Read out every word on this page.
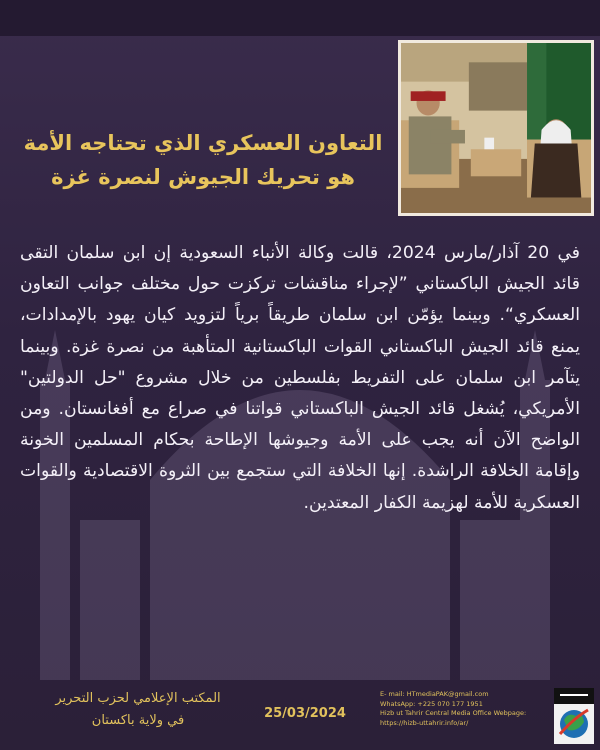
التعاون العسكري الذي تحتاجه الأمة
هو تحريك الجيوش لنصرة غزة
في 20 آذار/مارس 2024، قالت وكالة الأنباء السعودية إن ابن سلمان التقى قائد الجيش الباكستاني ”لإجراء مناقشات تركزت حول مختلف جوانب التعاون العسكري“. وبينما يؤمّن ابن سلمان طريقاً برياً لتزويد كيان يهود بالإمدادات، يمنع قائد الجيش الباكستاني القوات الباكستانية المتأهبة من نصرة غزة. وبينما يتآمر ابن سلمان على التفريط بفلسطين من خلال مشروع "حل الدولتين" الأمريكي، يُشغل قائد الجيش الباكستاني قواتنا في صراع مع أفغانستان. ومن الواضح الآن أنه يجب على الأمة وجيوشها الإطاحة بحكام المسلمين الخونة وإقامة الخلافة الراشدة. إنها الخلافة التي ستجمع بين الثروة الاقتصادية والقوات العسكرية للأمة لهزيمة الكفار المعتدين.
المكتب الإعلامي لحزب التحرير
في ولاية باكستان	25/03/2024
E- mail: HTmediaPAK@gmail.com
WhatsApp: +225 070 177 1951
Hizb ut Tahrir Central Media Office Webpage:
https://hizb-uttahrir.info/ar/
